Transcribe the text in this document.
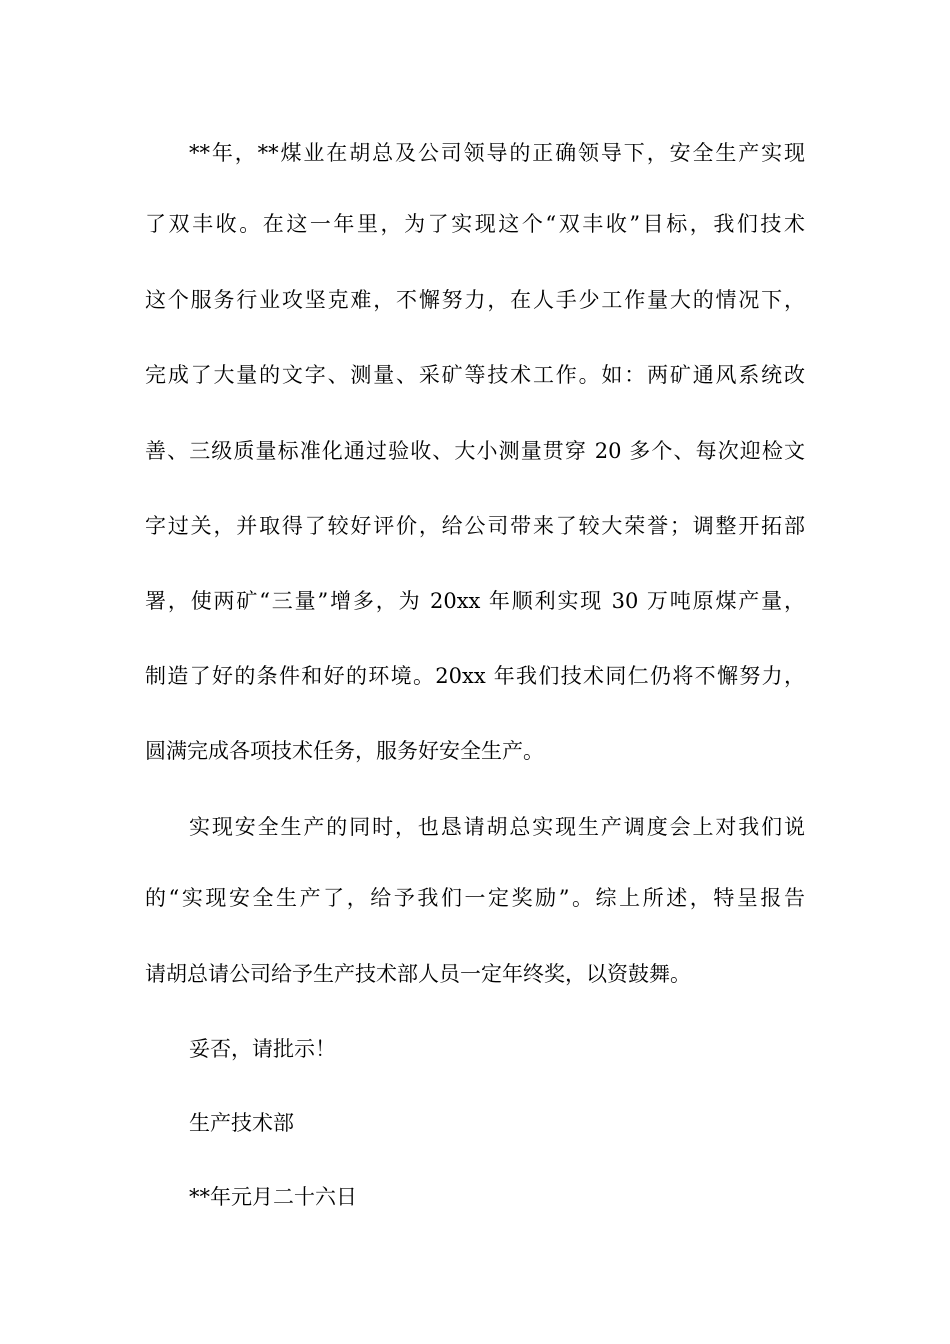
**年，**煤业在胡总及公司领导的正确领导下，安全生产实现
了双丰收。在这一年里，为了实现这个“双丰收”目标，我们技术
这个服务行业攻坚克难，不懈努力，在人手少工作量大的情况下，
完成了大量的文字、测量、采矿等技术工作。如：两矿通风系统改
善、三级质量标准化通过验收、大小测量贯穿 20 多个、每次迎检文
字过关，并取得了较好评价，给公司带来了较大荣誉；调整开拓部
署，使两矿“三量”增多，为 20xx 年顺利实现 30 万吨原煤产量，
制造了好的条件和好的环境。20xx 年我们技术同仁仍将不懈努力，
圆满完成各项技术任务，服务好安全生产。
实现安全生产的同时，也恳请胡总实现生产调度会上对我们说
的“实现安全生产了，给予我们一定奖励”。综上所述，特呈报告
请胡总请公司给予生产技术部人员一定年终奖，以资鼓舞。
妥否，请批示！
生产技术部
**年元月二十六日
